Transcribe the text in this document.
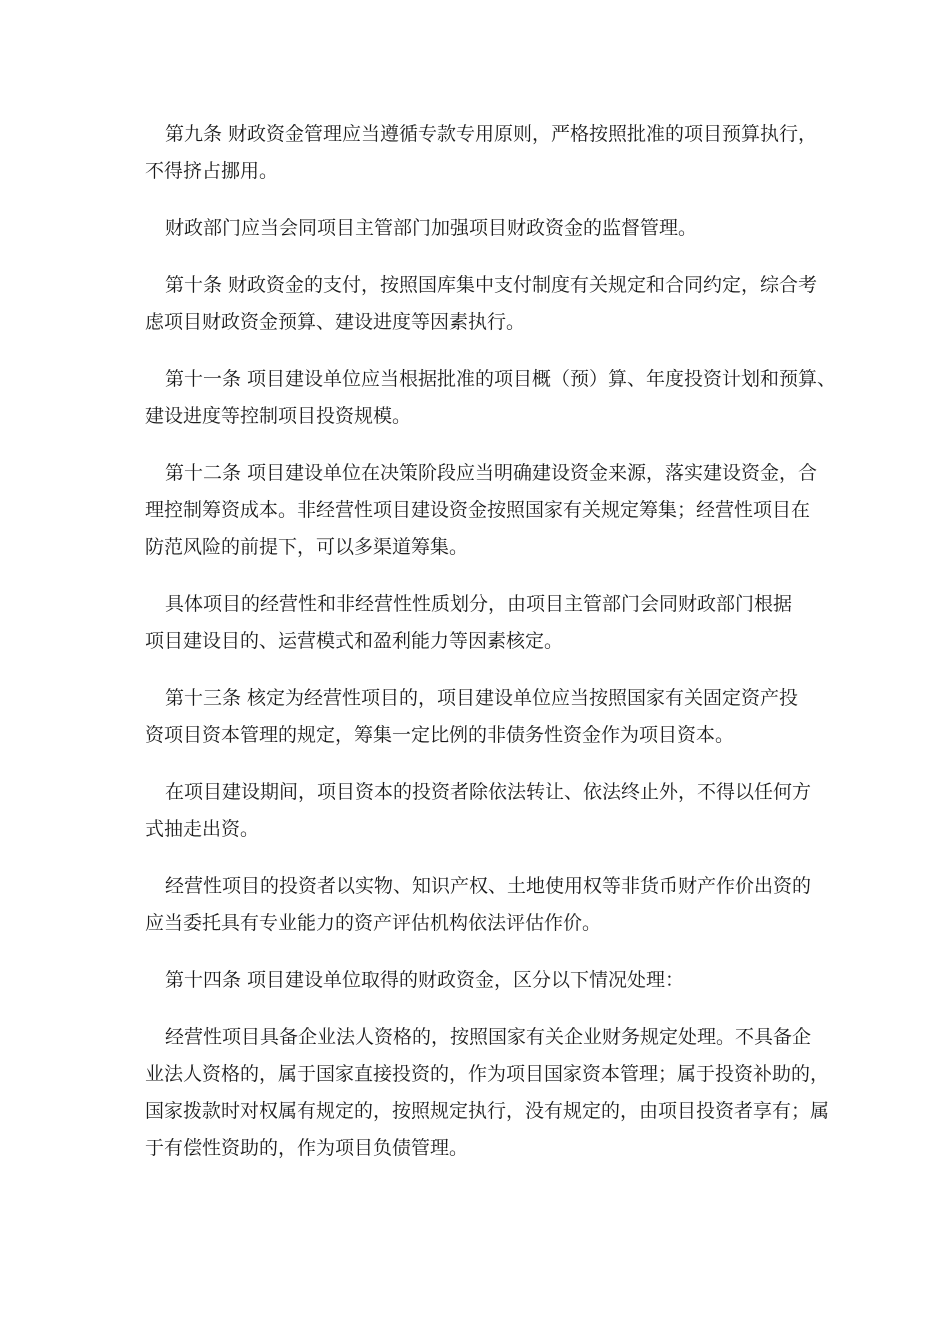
第九条 财政资金管理应当遵循专款专用原则，严格按照批准的项目预算执行，
不得挤占挪用。
财政部门应当会同项目主管部门加强项目财政资金的监督管理。
第十条 财政资金的支付，按照国库集中支付制度有关规定和合同约定，综合考
虑项目财政资金预算、建设进度等因素执行。
第十一条 项目建设单位应当根据批准的项目概（预）算、年度投资计划和预算、
建设进度等控制项目投资规模。
第十二条 项目建设单位在决策阶段应当明确建设资金来源，落实建设资金，合
理控制筹资成本。非经营性项目建设资金按照国家有关规定筹集；经营性项目在
防范风险的前提下，可以多渠道筹集。
具体项目的经营性和非经营性性质划分，由项目主管部门会同财政部门根据
项目建设目的、运营模式和盈利能力等因素核定。
第十三条 核定为经营性项目的，项目建设单位应当按照国家有关固定资产投
资项目资本管理的规定，筹集一定比例的非债务性资金作为项目资本。
在项目建设期间，项目资本的投资者除依法转让、依法终止外，不得以任何方
式抽走出资。
经营性项目的投资者以实物、知识产权、土地使用权等非货币财产作价出资的
应当委托具有专业能力的资产评估机构依法评估作价。
第十四条 项目建设单位取得的财政资金，区分以下情况处理：
经营性项目具备企业法人资格的，按照国家有关企业财务规定处理。不具备企
业法人资格的，属于国家直接投资的，作为项目国家资本管理；属于投资补助的，
国家拨款时对权属有规定的，按照规定执行，没有规定的，由项目投资者享有；属
于有偿性资助的，作为项目负债管理。
